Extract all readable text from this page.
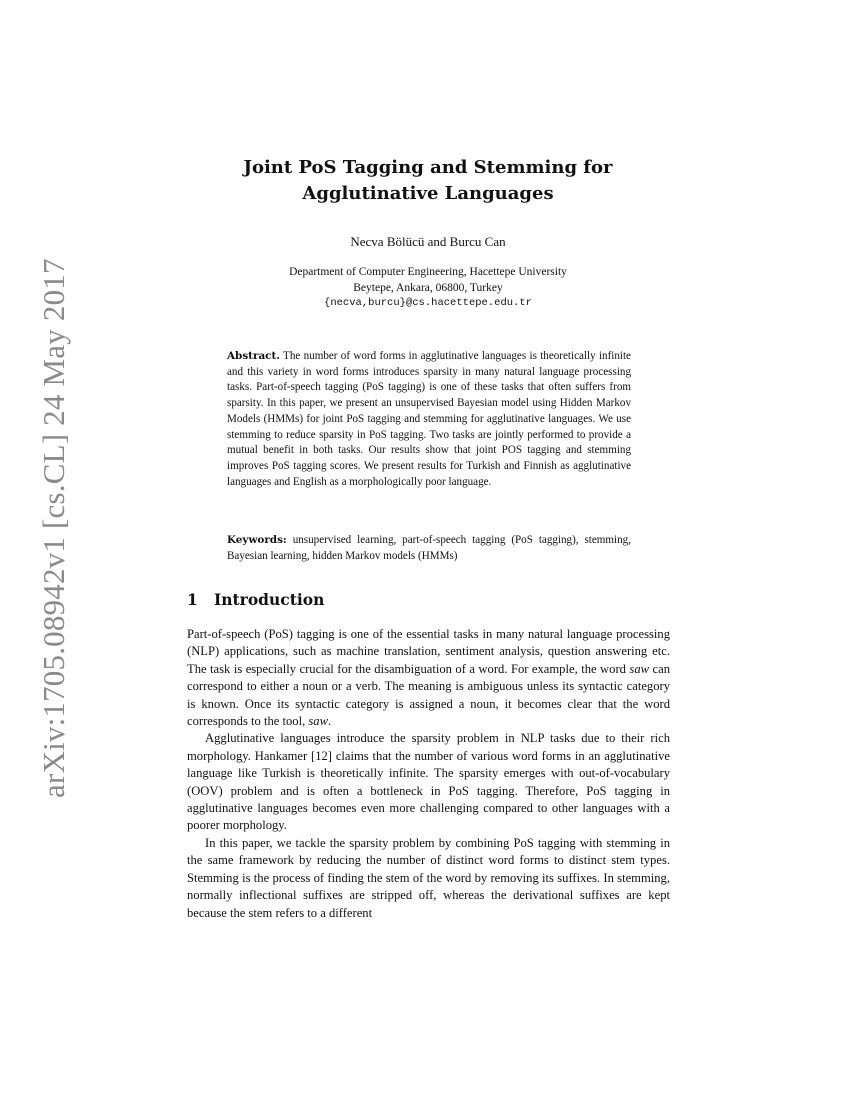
arXiv:1705.08942v1 [cs.CL] 24 May 2017
Joint PoS Tagging and Stemming for
Agglutinative Languages
Necva Bölücü and Burcu Can
Department of Computer Engineering, Hacettepe University
Beytepe, Ankara, 06800, Turkey
{necva,burcu}@cs.hacettepe.edu.tr
Abstract. The number of word forms in agglutinative languages is theoretically infinite and this variety in word forms introduces sparsity in many natural language processing tasks. Part-of-speech tagging (PoS tagging) is one of these tasks that often suffers from sparsity. In this paper, we present an unsupervised Bayesian model using Hidden Markov Models (HMMs) for joint PoS tagging and stemming for agglutinative languages. We use stemming to reduce sparsity in PoS tagging. Two tasks are jointly performed to provide a mutual benefit in both tasks. Our results show that joint POS tagging and stemming improves PoS tagging scores. We present results for Turkish and Finnish as agglutinative languages and English as a morphologically poor language.
Keywords: unsupervised learning, part-of-speech tagging (PoS tagging), stemming, Bayesian learning, hidden Markov models (HMMs)
1 Introduction

Part-of-speech (PoS) tagging is one of the essential tasks in many natural language processing (NLP) applications, such as machine translation, sentiment analysis, question answering etc. The task is especially crucial for the disambiguation of a word. For example, the word saw can correspond to either a noun or a verb. The meaning is ambiguous unless its syntactic category is known. Once its syntactic category is assigned a noun, it becomes clear that the word corresponds to the tool, saw.

Agglutinative languages introduce the sparsity problem in NLP tasks due to their rich morphology. Hankamer [12] claims that the number of various word forms in an agglutinative language like Turkish is theoretically infinite. The sparsity emerges with out-of-vocabulary (OOV) problem and is often a bottleneck in PoS tagging. Therefore, PoS tagging in agglutinative languages becomes even more challenging compared to other languages with a poorer morphology.

In this paper, we tackle the sparsity problem by combining PoS tagging with stemming in the same framework by reducing the number of distinct word forms to distinct stem types. Stemming is the process of finding the stem of the word by removing its suffixes. In stemming, normally inflectional suffixes are stripped off, whereas the derivational suffixes are kept because the stem refers to a different
